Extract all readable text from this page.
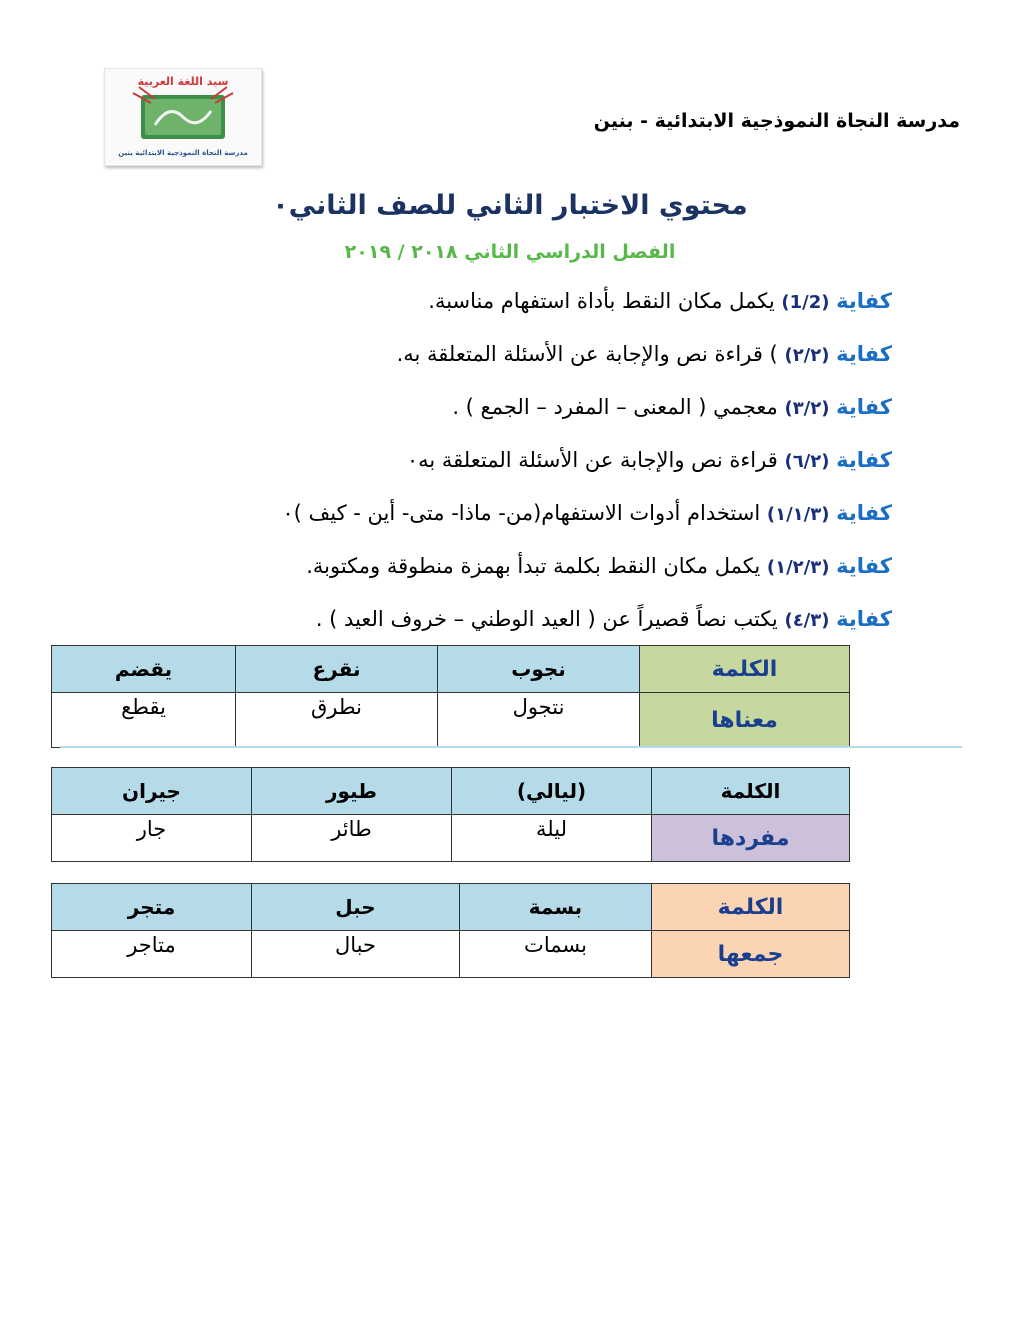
مدرسة النجاة النموذجية الابتدائية - بنين
سيد اللغة العربية
مدرسة النجاة النموذجية الابتدائية بنين
محتوي الاختبار الثاني للصف الثاني٠
الفصل الدراسي الثاني ٢٠١٨ / ٢٠١٩
كفاية (1/2) يكمل مكان النقط بأداة استفهام مناسبة.
كفاية (٢/٢) ) قراءة نص والإجابة عن الأسئلة المتعلقة به.
كفاية (٣/٢) معجمي ( المعنى – المفرد – الجمع ) .
كفاية (٦/٢) قراءة نص والإجابة عن الأسئلة المتعلقة به٠
كفاية (١/١/٣) استخدام أدوات الاستفهام(من- ماذا- متى- أين - كيف )٠
كفاية (١/٢/٣) يكمل مكان النقط بكلمة تبدأ بهمزة منطوقة ومكتوبة.
كفاية (٤/٣) يكتب نصاً قصيراً عن ( العيد الوطني – خروف العيد ) .
الكلمة	نجوب	نقرع	يقضم
معناها	نتجول	نطرق	يقطع
الكلمة	(ليالي)	طيور	جيران
مفردها	ليلة	طائر	جار
الكلمة	بسمة	حبل	متجر
جمعها	بسمات	حبال	متاجر
